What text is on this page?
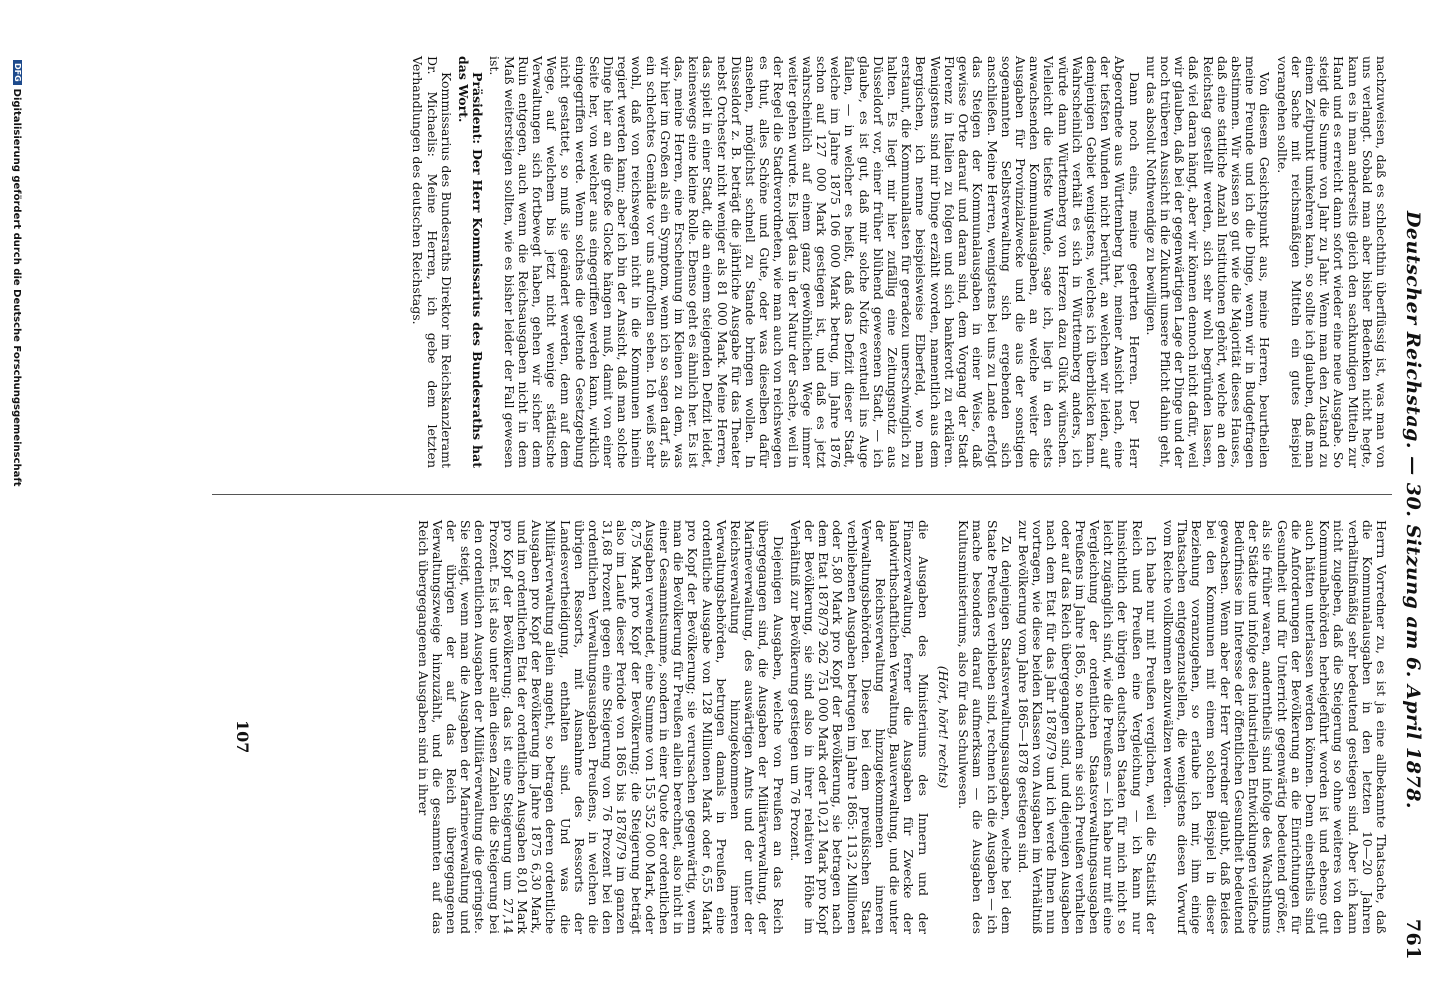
Deutscher Reichstag. — 30. Sitzung am 6. April 1878.
761

nachzuweisen, daß es schlechthin überflüssig ist, was man von uns verlangt. Sobald man aber bisher Bedenken nicht hegte, kann es in man anderseits gleich den sachkundigen Mitteln zur Hand und es erreicht dann sofort wieder eine neue Ausgabe. So steigt die Summe von Jahr zu Jahr. Wenn man den Zustand zu einem Zeitpunkt umkehren kann, so sollte ich glauben, daß man der Sache mit reichsmäßigen Mitteln ein gutes Beispiel vorangehen sollte.

Von diesem Gesichtspunkt aus, meine Herren, beurtheilen meine Freunde und ich die Dinge, wenn wir in Budgetfragen abstimmen. Wir wissen so gut wie die Majorität dieses Hauses, daß eine stattliche Anzahl Institutionen gehört, welche an den Reichstag gestellt werden, sich sehr wohl begründen lassen, daß viel daran hängt, aber wir können dennoch nicht dafür, weil wir glauben, daß bei der gegenwärtigen Lage der Dinge und der noch trüberen Aussicht in die Zukunft unsere Pflicht dahin geht, nur das absolut Nothwendige zu bewilligen.

Dann noch eins, meine geehrten Herren. Der Herr Abgeordnete aus Württemberg hat, meiner Ansicht nach, eine der tiefsten Wunden nicht berührt, an welchen wir leiden, auf demjenigen Gebiet wenigstens, welches ich überblicken kann. Wahrscheinlich verhält es sich in Württemberg anders, ich würde dann Württemberg von Herzen dazu Glück wünschen. Vielleicht die tiefste Wunde, sage ich, liegt in den stets anwachsenden Kommunalausgaben, an welche weiter die Ausgaben für Provinzialzwecke und die aus der sonstigen sogenannten Selbstverwaltung sich ergebenden sich anschließen. Meine Herren, wenigstens bei uns zu Lande erfolgt das Steigen der Kommunalausgaben in einer Weise, daß gewisse Orte darauf und daran sind, dem Vorgang der Stadt Florenz in Italien zu folgen und sich bankerott zu erklären. Wenigstens sind mir Dinge erzählt worden, namentlich aus dem Bergischen, ich nenne beispielsweise Elberfeld, wo man erstaunt, die Kommunallasten für geradezu unerschwinglich zu halten. Es liegt mir hier zufällig eine Zeitungsnotiz aus Düsseldorf vor, einer früher blühend gewesenen Stadt, — ich glaube, es ist gut, daß mir solche Notiz eventuell ins Auge fallen, — in welcher es heißt, daß das Defizit dieser Stadt, welche im Jahre 1875 106 000 Mark betrug, im Jahre 1876 schon auf 127 000 Mark gestiegen ist, und daß es jetzt wahrscheinlich auf einem ganz gewöhnlichen Wege immer weiter gehen wurde. Es liegt das in der Natur der Sache, weil in der Regel die Stadtverordneten, wie man auch von reichswegen es thut, alles Schöne und Gute, oder was dieselben dafür ansehen, möglichst schnell zu Stande bringen wollen. In Düsseldorf z. B. beträgt die jährliche Ausgabe für das Theater nebst Orchester nicht weniger als 81 000 Mark. Meine Herren, das spielt in einer Stadt, die an einem steigenden Defizit leidet, keineswegs eine kleine Rolle. Ebenso geht es ähnlich her. Es ist das, meine Herren, eine Erscheinung im Kleinen zu dem, was wir hier im Großen als ein Symptom, wenn ich so sagen darf, als ein schlechtes Gemälde vor uns aufrollen sehen. Ich weiß sehr wohl, daß von reichswegen nicht in die Kommunen hinein regiert werden kann; aber ich bin der Ansicht, daß man solche Dinge hier an die große Glocke hängen muß, damit von einer Seite her, von welcher aus eingegriffen werden kann, wirklich eingegriffen werde. Wenn solches die geltende Gesetzgebung nicht gestattet, so muß sie geändert werden, denn auf dem Wege, auf welchem bis jetzt nicht wenige städtische Verwaltungen sich fortbewegt haben, gehen wir sicher dem Ruin entgegen, auch wenn die Reichsausgaben nicht in dem Maß weitersteigen sollten, wie es bisher leider der Fall gewesen ist.

Präsident: Der Herr Kommissarius des Bundesraths hat das Wort.

Kommissarius des Bundesraths Direktor im Reichskanzleramt Dr. Michaelis: Meine Herren, ich gebe dem letzten Verhandlungen des deutschen Reichstags.

Herrn Vorredner zu, es ist ja eine allbekannte Thatsache, daß die Kommunalausgaben in den letzten 10—20 Jahren verhältnißmäßig sehr bedeutend gestiegen sind. Aber ich kann nicht zugeben, daß die Steigerung so ohne weiteres von den Kommunalbehörden herbeigeführt worden ist und ebenso gut auch hätten unterlassen werden können. Denn einestheils sind die Anforderungen der Bevölkerung an die Einrichtungen für Gesundheit und für Unterricht gegenwärtig bedeutend größer, als sie früher waren, anderntheils sind infolge des Wachsthums der Städte und infolge des industriellen Entwicklungen vielfache Bedürfnisse im Interesse der öffentlichen Gesundheit bedeutend gewachsen. Wenn aber der Herr Vorredner glaubt, daß Beides bei den Kommunen mit einem solchen Beispiel in dieser Beziehung voranzugehen, so erlaube ich mir, ihm einige Thatsachen entgegenzustellen, die wenigstens diesen Vorwurf vom Reiche vollkommen abzuwälzen werden.

Ich habe nur mit Preußen verglichen, weil die Statistik der Reich und Preußen eine Vergleichung — ich kann nur hinsichtlich der übrigen deutschen Staaten für mich nicht so leicht zugänglich sind, wie die Preußens — ich habe nur mit eine Vergleichung der ordentlichen Staatsverwaltungsausgaben Preußens im Jahre 1865, so nachdem sie sich Preußen verhalten oder auf das Reich übergegangen sind, und diejenigen Ausgaben nach dem Etat für das Jahr 1878/79 und ich werde Ihnen nun vortragen, wie diese beiden Klassen von Ausgaben im Verhältniß zur Bevölkerung vom Jahre 1865—1878 gestiegen sind.

Zu denjenigen Staatsverwaltungsausgaben, welche bei dem Staate Preußen verblieben sind, rechnen ich die Ausgaben — ich mache besonders darauf aufmerksam — die Ausgaben des Kultusministeriums, also für das Schulwesen.

(Hört, hört! rechts)

die Ausgaben des Ministeriums des Innern und der Finanzverwaltung, ferner die Ausgaben für Zwecke der landwirthschaftlichen Verwaltung, Bauverwaltung, und die unter der Reichsverwaltung hinzugekommenen inneren Verwaltungsbehörden. Diese bei dem preußischen Staat verbliebenen Ausgaben betrugen im Jahre 1865: 113,2 Millionen oder 5,80 Mark pro Kopf der Bevölkerung, sie betragen nach dem Etat 1878/79 262 751 000 Mark oder 10,21 Mark pro Kopf der Bevölkerung, sie sind also in ihrer relativen Höhe im Verhältniß zur Bevölkerung gestiegen um 76 Prozent.

Diejenigen Ausgaben, welche von Preußen an das Reich übergegangen sind, die Ausgaben der Militärverwaltung, der Marineverwaltung, des auswärtigen Amts und der unter der Reichsverwaltung hinzugekommenen inneren Verwaltungsbehörden, betrugen damals in Preußen eine ordentliche Ausgabe von 128 Millionen Mark oder 6,55 Mark pro Kopf der Bevölkerung; sie verursachen gegenwärtig, wenn man die Bevölkerung für Preußen allein berechnet, also nicht in einer Gesammtsumme, sondern in einer Quote der ordentlichen Ausgaben verwendet, eine Summe von 155 352 000 Mark, oder 8,75 Mark pro Kopf der Bevölkerung; die Steigerung beträgt also im Laufe dieser Periode von 1865 bis 1878/79 im ganzen 31,68 Prozent gegen eine Steigerung von 76 Prozent bei den ordentlichen Verwaltungsausgaben Preußens, in welchen die übrigen Ressorts, mit Ausnahme des Ressorts der Landesvertheidigung, enthalten sind. Und was die Militärverwaltung allein angeht, so betragen deren ordentliche Ausgaben pro Kopf der Bevölkerung im Jahre 1875 6,30 Mark, und im ordentlichen Etat der ordentlichen Ausgaben 8,01 Mark pro Kopf der Bevölkerung; das ist eine Steigerung um 27,14 Prozent. Es ist also unter allen diesen Zahlen die Steigerung bei den ordentlichen Ausgaben der Militärverwaltung die geringste. Sie steigt, wenn man die Ausgaben der Marineverwaltung und der übrigen der auf das Reich übergegangenen Verwaltungszweige hinzuzählt, und die gesammten auf das Reich übergegangenen Ausgaben sind in ihrer

107
DFGDigitalisierung gefördert durch die Deutsche Forschungsgemeinschaft
